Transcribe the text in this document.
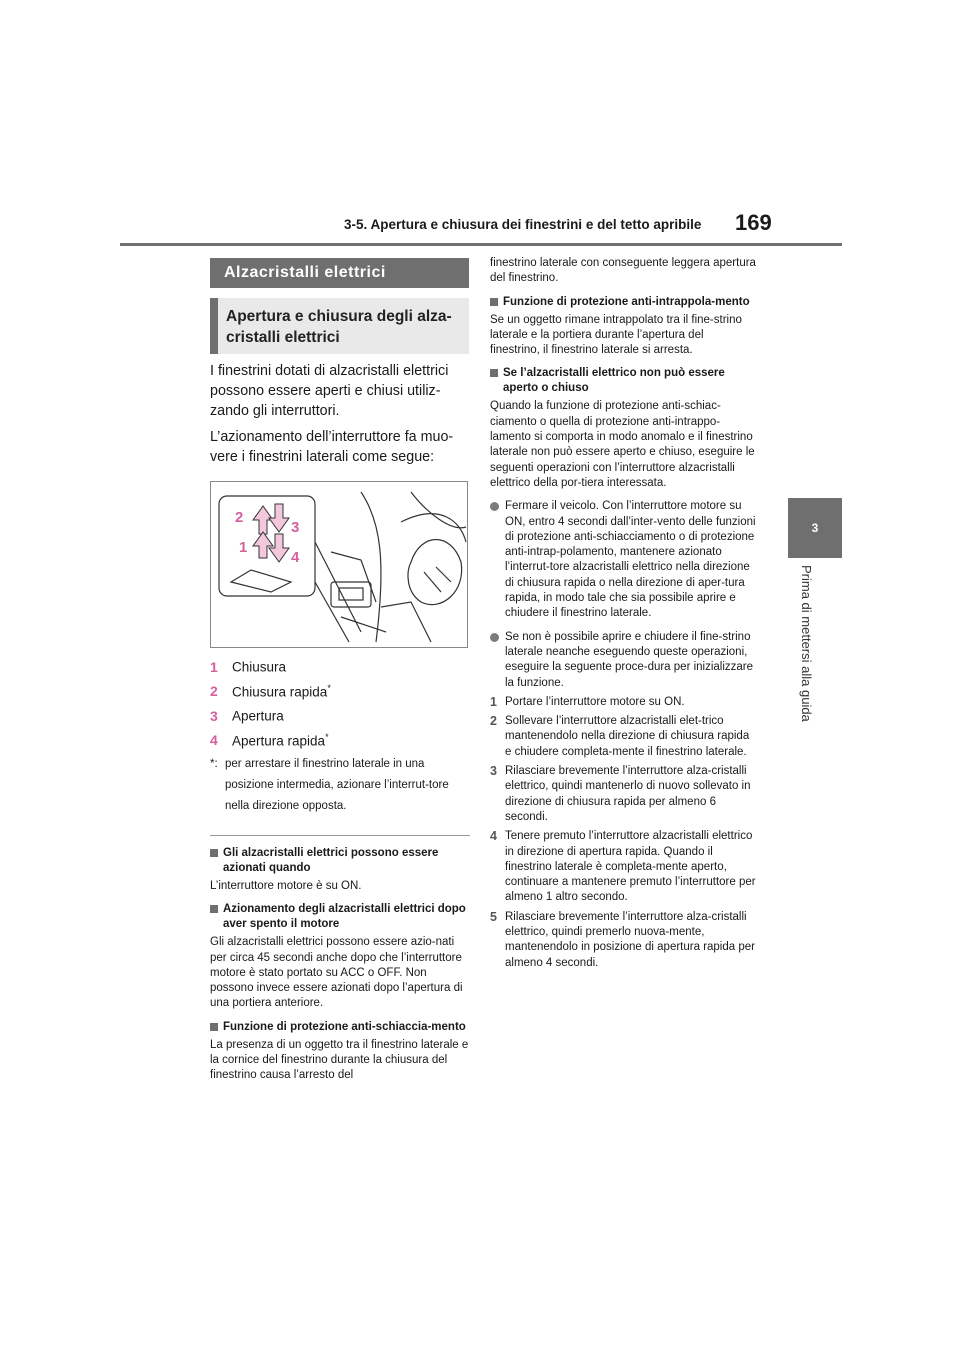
3-5. Apertura e chiusura dei finestrini e del tetto apribile 169
3
Prima di mettersi alla guida
Alzacristalli elettrici
Apertura e chiusura degli alza-cristalli elettrici

I finestrini dotati di alzacristalli elettrici possono essere aperti e chiusi utiliz-zando gli interruttori.

L’azionamento dell’interruttore fa muo-vere i finestrini laterali come segue:

2
3
1
4
1	Chiusura
2	Chiusura rapida*
3	Apertura
4	Apertura rapida*
*: per arrestare il finestrino laterale in una posizione intermedia, azionare l’interrut-tore nella direzione opposta.
Gli alzacristalli elettrici possono essere azionati quando

L’interruttore motore è su ON.

Azionamento degli alzacristalli elettrici dopo aver spento il motore

Gli alzacristalli elettrici possono essere azio-nati per circa 45 secondi anche dopo che l’interruttore motore è stato portato su ACC o OFF. Non possono invece essere azionati dopo l’apertura di una portiera anteriore.

Funzione di protezione anti-schiaccia-mento

La presenza di un oggetto tra il finestrino laterale e la cornice del finestrino durante la chiusura del finestrino causa l’arresto del

finestrino laterale con conseguente leggera apertura del finestrino.

Funzione di protezione anti-intrappola-mento

Se un oggetto rimane intrappolato tra il fine-strino laterale e la portiera durante l’apertura del finestrino, il finestrino laterale si arresta.

Se l’alzacristalli elettrico non può essere aperto o chiuso

Quando la funzione di protezione anti-schiac-ciamento o quella di protezione anti-intrappo-lamento si comporta in modo anomalo e il finestrino laterale non può essere aperto e chiuso, eseguire le seguenti operazioni con l’interruttore alzacristalli elettrico della por-tiera interessata.

Fermare il veicolo. Con l’interruttore motore su ON, entro 4 secondi dall’inter-vento delle funzioni di protezione anti-schiacciamento o di protezione anti-intrap-polamento, mantenere azionato l’interrut-tore alzacristalli elettrico nella direzione di chiusura rapida o nella direzione di aper-tura rapida, in modo tale che sia possibile aprire e chiudere il finestrino laterale.
Se non è possibile aprire e chiudere il fine-strino laterale neanche eseguendo queste operazioni, eseguire la seguente proce-dura per inizializzare la funzione.
1 Portare l’interruttore motore su ON.
2 Sollevare l’interruttore alzacristalli elet-trico mantenendolo nella direzione di chiusura rapida e chiudere completa-mente il finestrino laterale.
3 Rilasciare brevemente l’interruttore alza-cristalli elettrico, quindi mantenerlo di nuovo sollevato in direzione di chiusura rapida per almeno 6 secondi.
4 Tenere premuto l’interruttore alzacristalli elettrico in direzione di apertura rapida. Quando il finestrino laterale è completa-mente aperto, continuare a mantenere premuto l’interruttore per almeno 1 altro secondo.
5 Rilasciare brevemente l’interruttore alza-cristalli elettrico, quindi premerlo nuova-mente, mantenendolo in posizione di apertura rapida per almeno 4 secondi.
